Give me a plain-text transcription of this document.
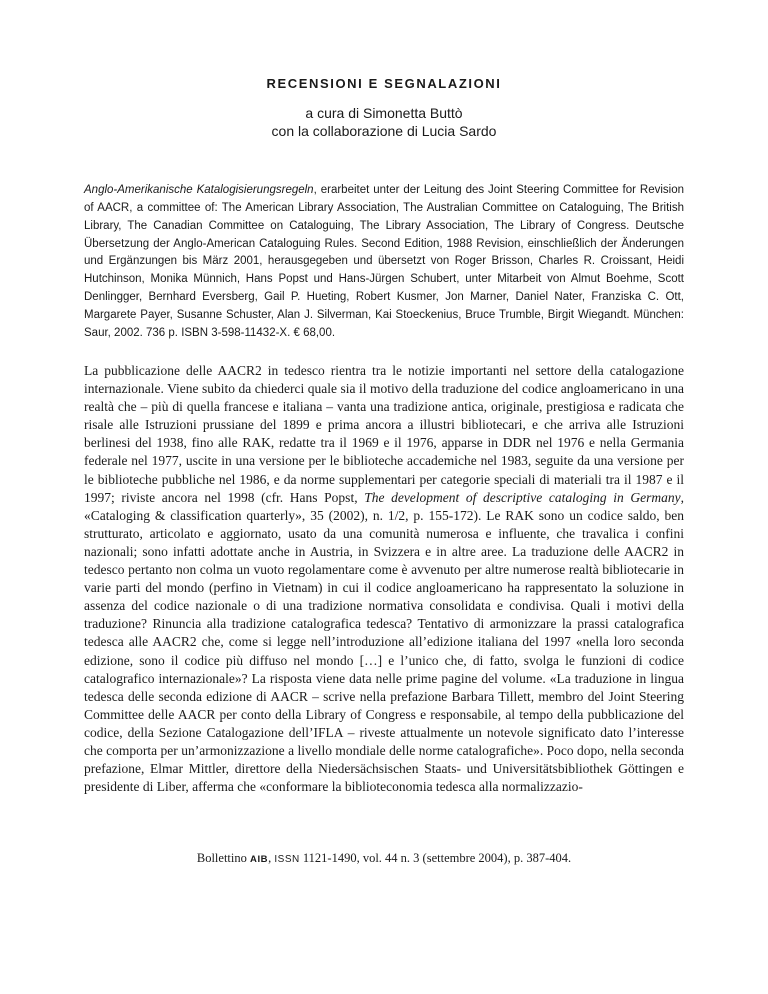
RECENSIONI E SEGNALAZIONI
a cura di Simonetta Buttò
con la collaborazione di Lucia Sardo

Anglo-Amerikanische Katalogisierungsregeln, erarbeitet unter der Leitung des Joint Steering Committee for Revision of AACR, a committee of: The American Library Association, The Australian Committee on Cataloguing, The British Library, The Canadian Committee on Cataloguing, The Library Association, The Library of Congress. Deutsche Übersetzung der Anglo-American Cataloguing Rules. Second Edition, 1988 Revision, einschließlich der Änderungen und Ergänzungen bis März 2001, herausgegeben und übersetzt von Roger Brisson, Charles R. Croissant, Heidi Hutchinson, Monika Münnich, Hans Popst und Hans-Jürgen Schubert, unter Mitarbeit von Almut Boehme, Scott Denlingger, Bernhard Eversberg, Gail P. Hueting, Robert Kusmer, Jon Marner, Daniel Nater, Franziska C. Ott, Margarete Payer, Susanne Schuster, Alan J. Silverman, Kai Stoeckenius, Bruce Trumble, Birgit Wiegandt. München: Saur, 2002. 736 p. ISBN 3-598-11432-X. € 68,00.

La pubblicazione delle AACR2 in tedesco rientra tra le notizie importanti nel settore della catalogazione internazionale. Viene subito da chiederci quale sia il motivo della traduzione del codice angloamericano in una realtà che – più di quella francese e italiana – vanta una tradizione antica, originale, prestigiosa e radicata che risale alle Istruzioni prussiane del 1899 e prima ancora a illustri bibliotecari, e che arriva alle Istruzioni berlinesi del 1938, fino alle RAK, redatte tra il 1969 e il 1976, apparse in DDR nel 1976 e nella Germania federale nel 1977, uscite in una versione per le biblioteche accademiche nel 1983, seguite da una versione per le biblioteche pubbliche nel 1986, e da norme supplementari per categorie speciali di materiali tra il 1987 e il 1997; riviste ancora nel 1998 (cfr. Hans Popst, The development of descriptive cataloging in Germany, «Cataloging & classification quarterly», 35 (2002), n. 1/2, p. 155-172). Le RAK sono un codice saldo, ben strutturato, articolato e aggiornato, usato da una comunità numerosa e influente, che travalica i confini nazionali; sono infatti adottate anche in Austria, in Svizzera e in altre aree. La traduzione delle AACR2 in tedesco pertanto non colma un vuoto regolamentare come è avvenuto per altre numerose realtà bibliotecarie in varie parti del mondo (perfino in Vietnam) in cui il codice angloamericano ha rappresentato la soluzione in assenza del codice nazionale o di una tradizione normativa consolidata e condivisa. Quali i motivi della traduzione? Rinuncia alla tradizione catalografica tedesca? Tentativo di armonizzare la prassi catalografica tedesca alle AACR2 che, come si legge nell’introduzione all’edizione italiana del 1997 «nella loro seconda edizione, sono il codice più diffuso nel mondo […] e l’unico che, di fatto, svolga le funzioni di codice catalografico internazionale»? La risposta viene data nelle prime pagine del volume. «La traduzione in lingua tedesca delle seconda edizione di AACR – scrive nella prefazione Barbara Tillett, membro del Joint Steering Committee delle AACR per conto della Library of Congress e responsabile, al tempo della pubblicazione del codice, della Sezione Catalogazione dell’IFLA – riveste attualmente un notevole significato dato l’interesse che comporta per un’armonizzazione a livello mondiale delle norme catalografiche». Poco dopo, nella seconda prefazione, Elmar Mittler, direttore della Niedersächsischen Staats- und Universitätsbibliothek Göttingen e presidente di Liber, afferma che «conformare la biblioteconomia tedesca alla normalizzazio-

Bollettino AIB, ISSN 1121-1490, vol. 44 n. 3 (settembre 2004), p. 387-404.
